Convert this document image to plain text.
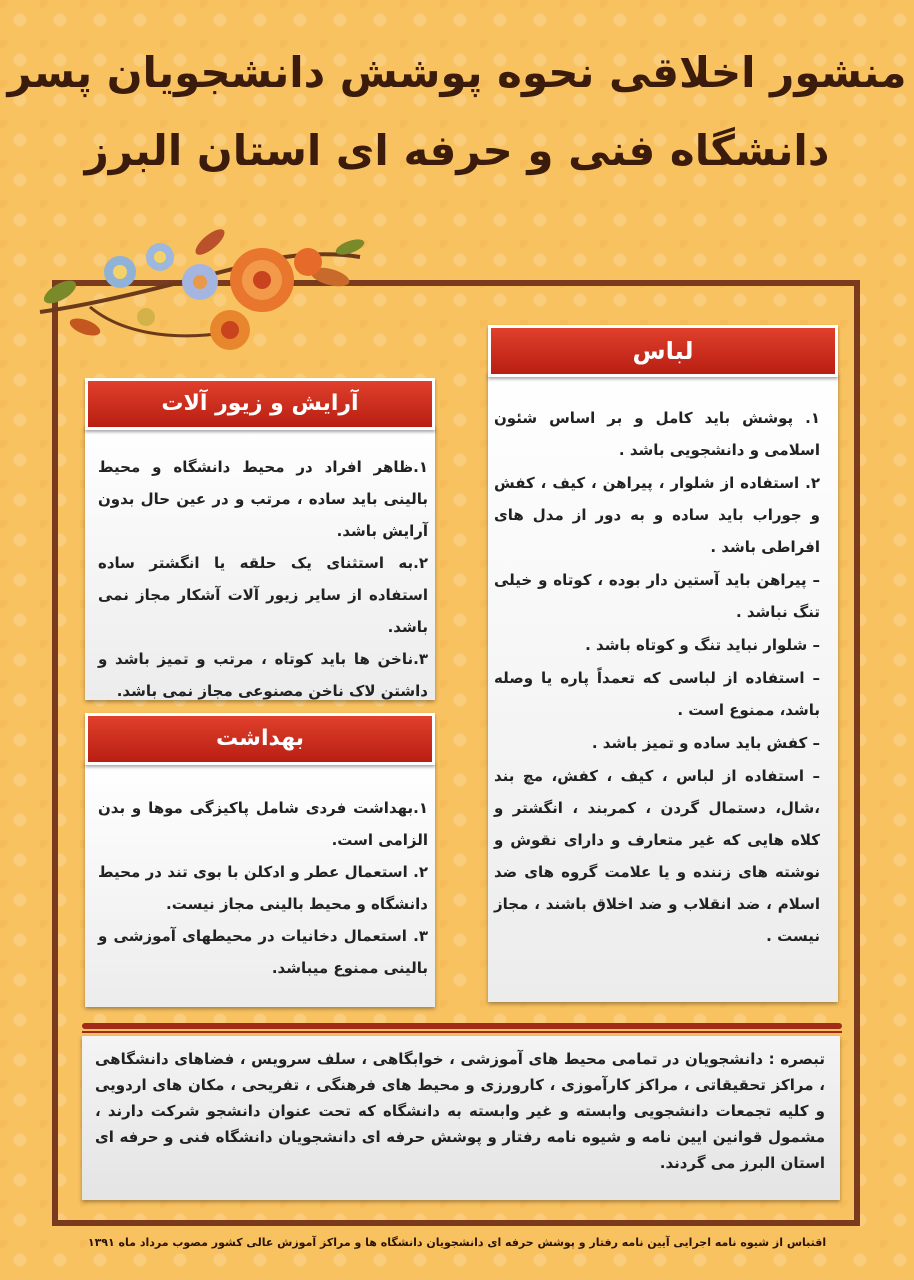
منشور اخلاقی نحوه پوشش دانشجویان پسر
دانشگاه فنی و حرفه ای استان البرز
لباس

۱. پوشش باید کامل و بر اساس شئون اسلامی و دانشجویی باشد .

۲. استفاده از شلوار ، پیراهن ، کیف ، کفش و جوراب باید ساده و به دور از مدل های افراطی باشد .

– پیراهن باید آستین دار بوده ، کوتاه و خیلی تنگ نباشد .

– شلوار نباید تنگ و کوتاه باشد .

– استفاده از لباسی که تعمداً پاره یا وصله باشد، ممنوع است .

– کفش باید ساده و تمیز باشد .

– استفاده از لباس ، کیف ، کفش، مچ بند ،شال، دستمال گردن ، کمربند ، انگشتر و کلاه هایی که غیر متعارف و دارای نقوش و نوشته های زننده و یا علامت گروه های ضد اسلام ، ضد انقلاب و ضد اخلاق باشند ، مجاز نیست .

آرایش و زیور آلات

۱.ظاهر افراد در محیط دانشگاه و محیط بالینی باید ساده ، مرتب و در عین حال بدون آرایش باشد.

۲.به استثنای یک حلقه یا انگشتر ساده استفاده از سایر زیور آلات آشکار مجاز نمی باشد.

۳.ناخن ها باید کوتاه ، مرتب و تمیز باشد و داشتن لاک ناخن مصنوعی مجاز نمی باشد.

بهداشت

۱.بهداشت فردی شامل پاکیزگی موها و بدن الزامی است.

۲. استعمال عطر و ادکلن با بوی تند در محیط دانشگاه و محیط بالینی مجاز نیست.

۳. استعمال دخانیات در محیطهای آموزشی و بالینی ممنوع میباشد.

تبصره : دانشجویان در تمامی محیط های آموزشی ، خوابگاهی ، سلف سرویس ، فضاهای دانشگاهی ، مراکز تحقیقاتی ، مراکز کارآموزی ، کارورزی و محیط های فرهنگی ، تفریحی ، مکان های اردویی و کلیه تجمعات دانشجویی وابسته و غیر وابسته به دانشگاه که تحت عنوان دانشجو شرکت دارند ، مشمول قوانین ایین نامه و شیوه نامه رفتار و پوشش حرفه ای دانشجویان دانشگاه فنی و حرفه ای استان البرز می گردند.
اقتباس از شیوه نامه اجرایی آیین نامه رفتار و پوشش حرفه ای دانشجویان دانشگاه ها و مراکز آموزش عالی کشور مصوب مرداد ماه ۱۳۹۱
